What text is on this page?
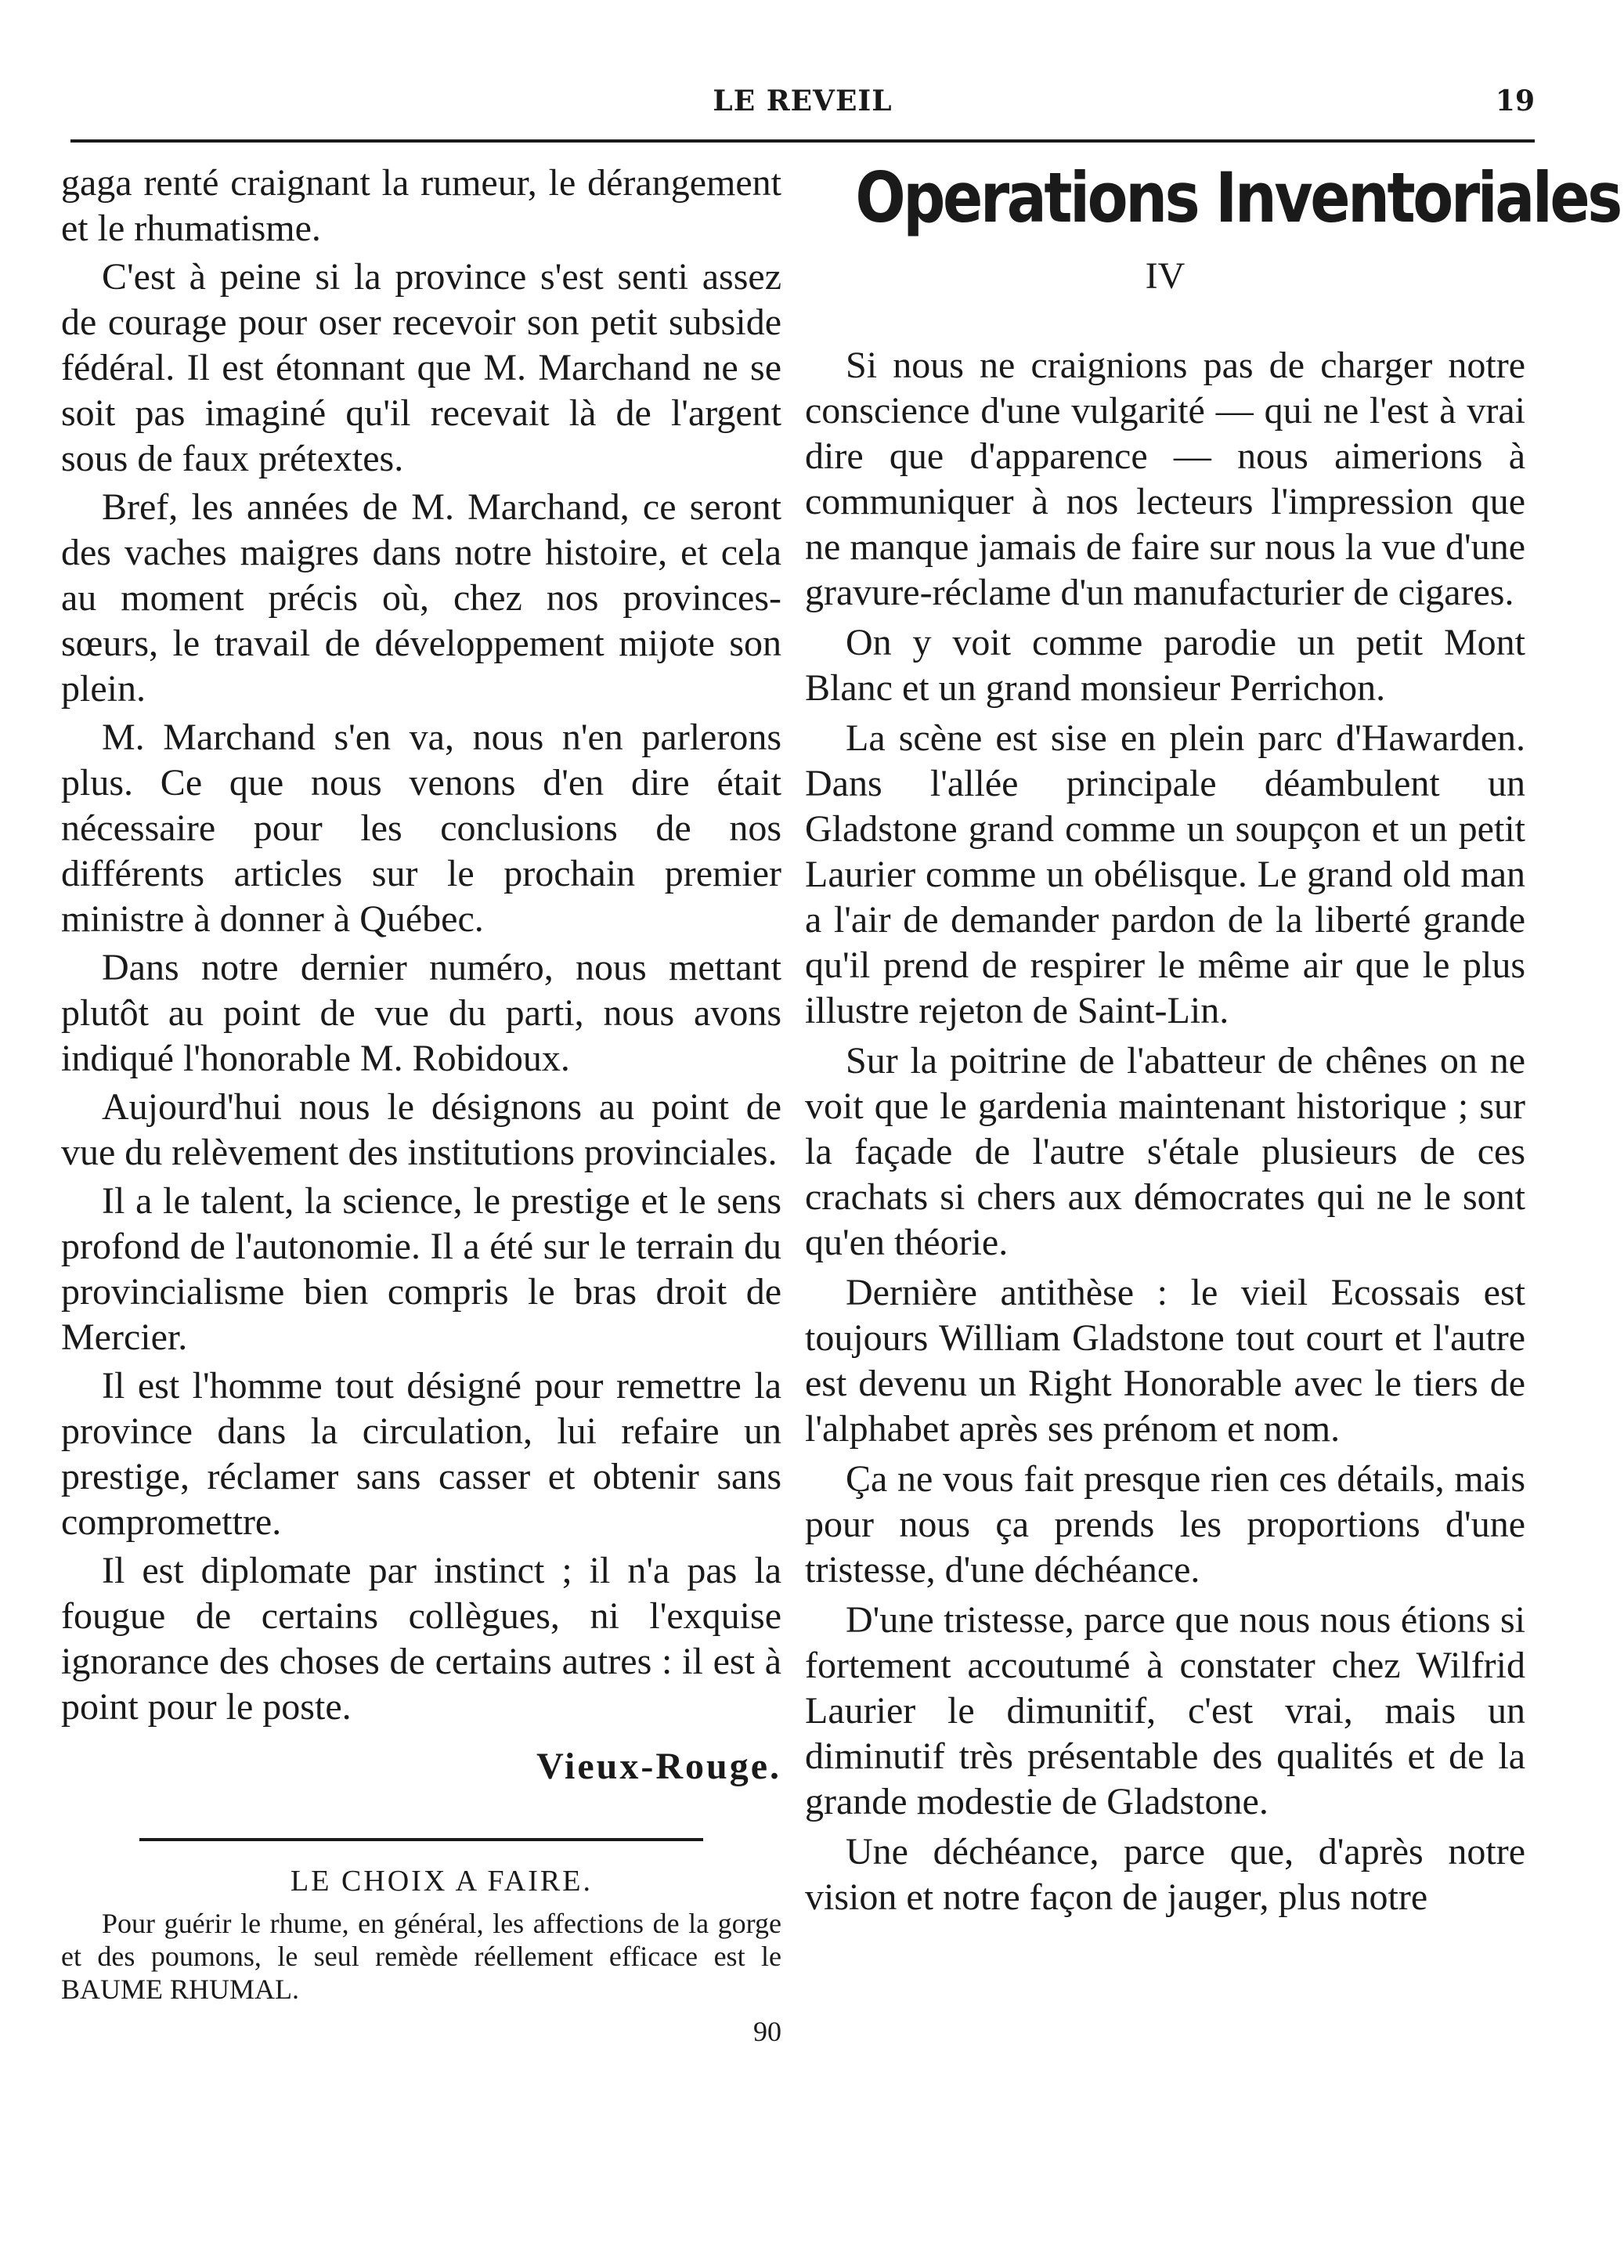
LE REVEIL	19

gaga renté craignant la rumeur, le dérangement et le rhumatisme.

C'est à peine si la province s'est senti assez de courage pour oser recevoir son petit subside fédéral. Il est étonnant que M. Marchand ne se soit pas imaginé qu'il recevait là de l'argent sous de faux prétextes.

Bref, les années de M. Marchand, ce seront des vaches maigres dans notre histoire, et cela au moment précis où, chez nos provinces-sœurs, le travail de développement mijote son plein.

M. Marchand s'en va, nous n'en parlerons plus. Ce que nous venons d'en dire était nécessaire pour les conclusions de nos différents articles sur le prochain premier ministre à donner à Québec.

Dans notre dernier numéro, nous mettant plutôt au point de vue du parti, nous avons indiqué l'honorable M. Robidoux.

Aujourd'hui nous le désignons au point de vue du relèvement des institutions provinciales.

Il a le talent, la science, le prestige et le sens profond de l'autonomie. Il a été sur le terrain du provincialisme bien compris le bras droit de Mercier.

Il est l'homme tout désigné pour remettre la province dans la circulation, lui refaire un prestige, réclamer sans casser et obtenir sans compromettre.

Il est diplomate par instinct ; il n'a pas la fougue de certains collègues, ni l'exquise ignorance des choses de certains autres : il est à point pour le poste.

Vieux-Rouge.

LE CHOIX A FAIRE.

Pour guérir le rhume, en général, les affections de la gorge et des poumons, le seul remède réellement efficace est le BAUME RHUMAL.

90

Operations Inventoriales
IV

Si nous ne craignions pas de charger notre conscience d'une vulgarité — qui ne l'est à vrai dire que d'apparence — nous aimerions à communiquer à nos lecteurs l'impression que ne manque jamais de faire sur nous la vue d'une gravure-réclame d'un manufacturier de cigares.

On y voit comme parodie un petit Mont Blanc et un grand monsieur Perrichon.

La scène est sise en plein parc d'Hawarden. Dans l'allée principale déambulent un Gladstone grand comme un soupçon et un petit Laurier comme un obélisque. Le grand old man a l'air de demander pardon de la liberté grande qu'il prend de respirer le même air que le plus illustre rejeton de Saint-Lin.

Sur la poitrine de l'abatteur de chênes on ne voit que le gardenia maintenant historique ; sur la façade de l'autre s'étale plusieurs de ces crachats si chers aux démocrates qui ne le sont qu'en théorie.

Dernière antithèse : le vieil Ecossais est toujours William Gladstone tout court et l'autre est devenu un Right Honorable avec le tiers de l'alphabet après ses prénom et nom.

Ça ne vous fait presque rien ces détails, mais pour nous ça prends les proportions d'une tristesse, d'une déchéance.

D'une tristesse, parce que nous nous étions si fortement accoutumé à constater chez Wilfrid Laurier le dimunitif, c'est vrai, mais un diminutif très présentable des qualités et de la grande modestie de Gladstone.

Une déchéance, parce que, d'après notre vision et notre façon de jauger, plus notre
